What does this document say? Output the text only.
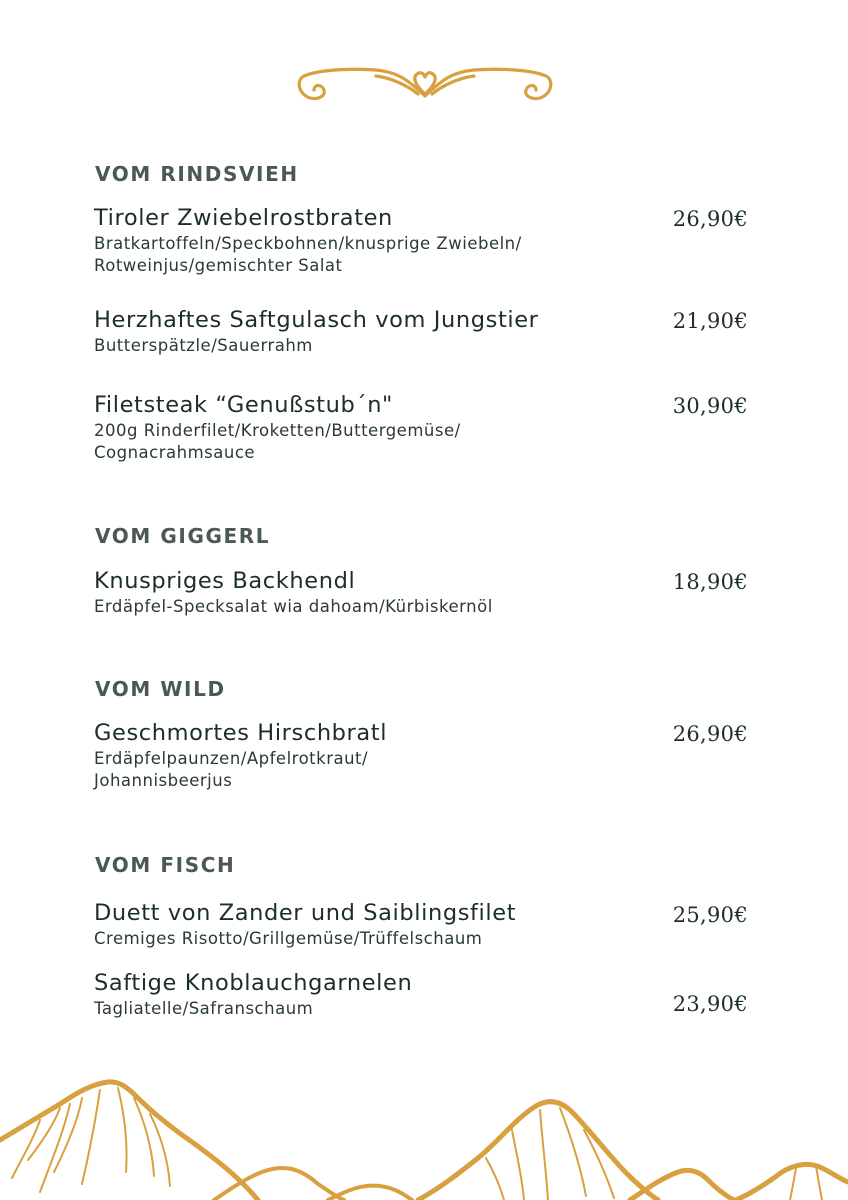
VOM RINDSVIEH
Tiroler Zwiebelrostbraten
Bratkartoffeln/Speckbohnen/knusprige Zwiebeln/
Rotweinjus/gemischter Salat
26,90€
Herzhaftes Saftgulasch vom Jungstier
Butterspätzle/Sauerrahm
21,90€
Filetsteak “Genußstub´n"
200g Rinderfilet/Kroketten/Buttergemüse/
Cognacrahmsauce
30,90€
VOM GIGGERL
Knuspriges Backhendl
Erdäpfel-Specksalat wia dahoam/Kürbiskernöl
18,90€
VOM WILD
Geschmortes Hirschbratl
Erdäpfelpaunzen/Apfelrotkraut/
Johannisbeerjus
26,90€
VOM FISCH
Duett von Zander und Saiblingsfilet
Cremiges Risotto/Grillgemüse/Trüffelschaum
25,90€
Saftige Knoblauchgarnelen
Tagliatelle/Safranschaum	23,90€
